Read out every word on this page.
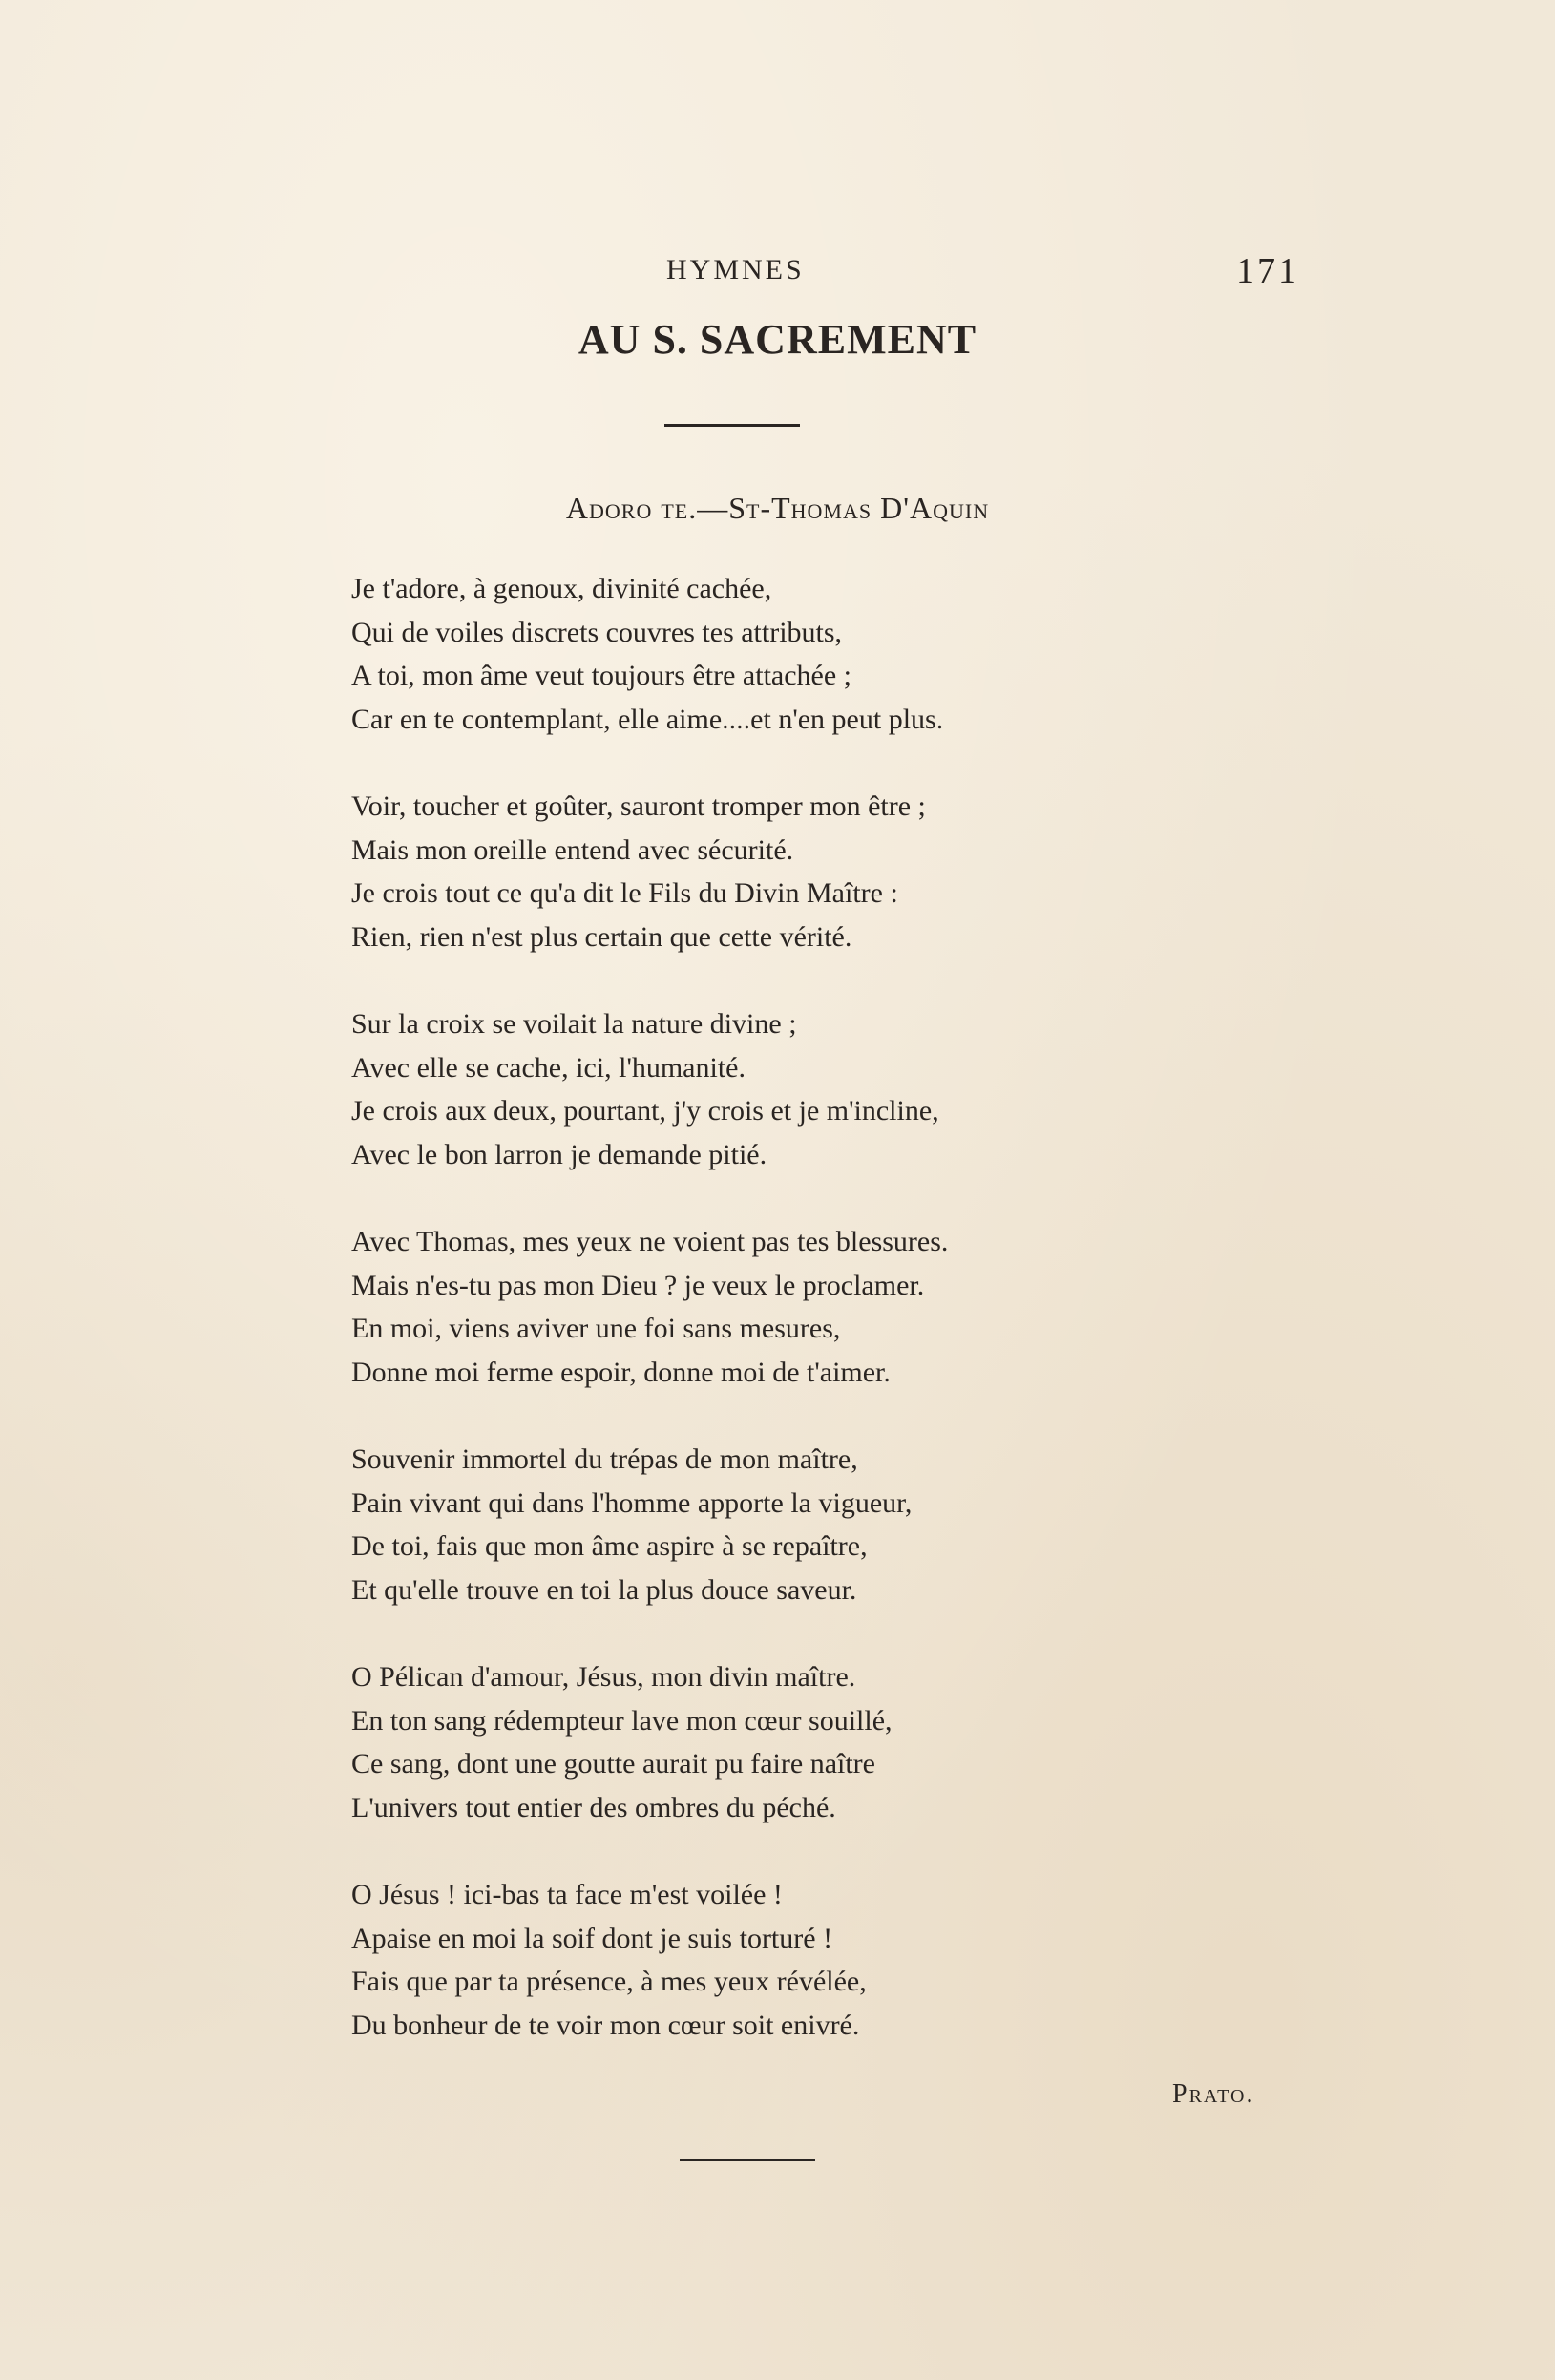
HYMNES	171
AU S. SACREMENT
Adoro te.—St-Thomas D'Aquin
Je t'adore, à genoux, divinité cachée,
Qui de voiles discrets couvres tes attributs,
A toi, mon âme veut toujours être attachée ;
Car en te contemplant, elle aime....et n'en peut plus.
Voir, toucher et goûter, sauront tromper mon être ;
Mais mon oreille entend avec sécurité.
Je crois tout ce qu'a dit le Fils du Divin Maître :
Rien, rien n'est plus certain que cette vérité.
Sur la croix se voilait la nature divine ;
Avec elle se cache, ici, l'humanité.
Je crois aux deux, pourtant, j'y crois et je m'incline,
Avec le bon larron je demande pitié.
Avec Thomas, mes yeux ne voient pas tes blessures.
Mais n'es-tu pas mon Dieu ? je veux le proclamer.
En moi, viens aviver une foi sans mesures,
Donne moi ferme espoir, donne moi de t'aimer.
Souvenir immortel du trépas de mon maître,
Pain vivant qui dans l'homme apporte la vigueur,
De toi, fais que mon âme aspire à se repaître,
Et qu'elle trouve en toi la plus douce saveur.
O Pélican d'amour, Jésus, mon divin maître.
En ton sang rédempteur lave mon cœur souillé,
Ce sang, dont une goutte aurait pu faire naître
L'univers tout entier des ombres du péché.
O Jésus ! ici-bas ta face m'est voilée !
Apaise en moi la soif dont je suis torturé !
Fais que par ta présence, à mes yeux révélée,
Du bonheur de te voir mon cœur soit enivré.
Prato.
